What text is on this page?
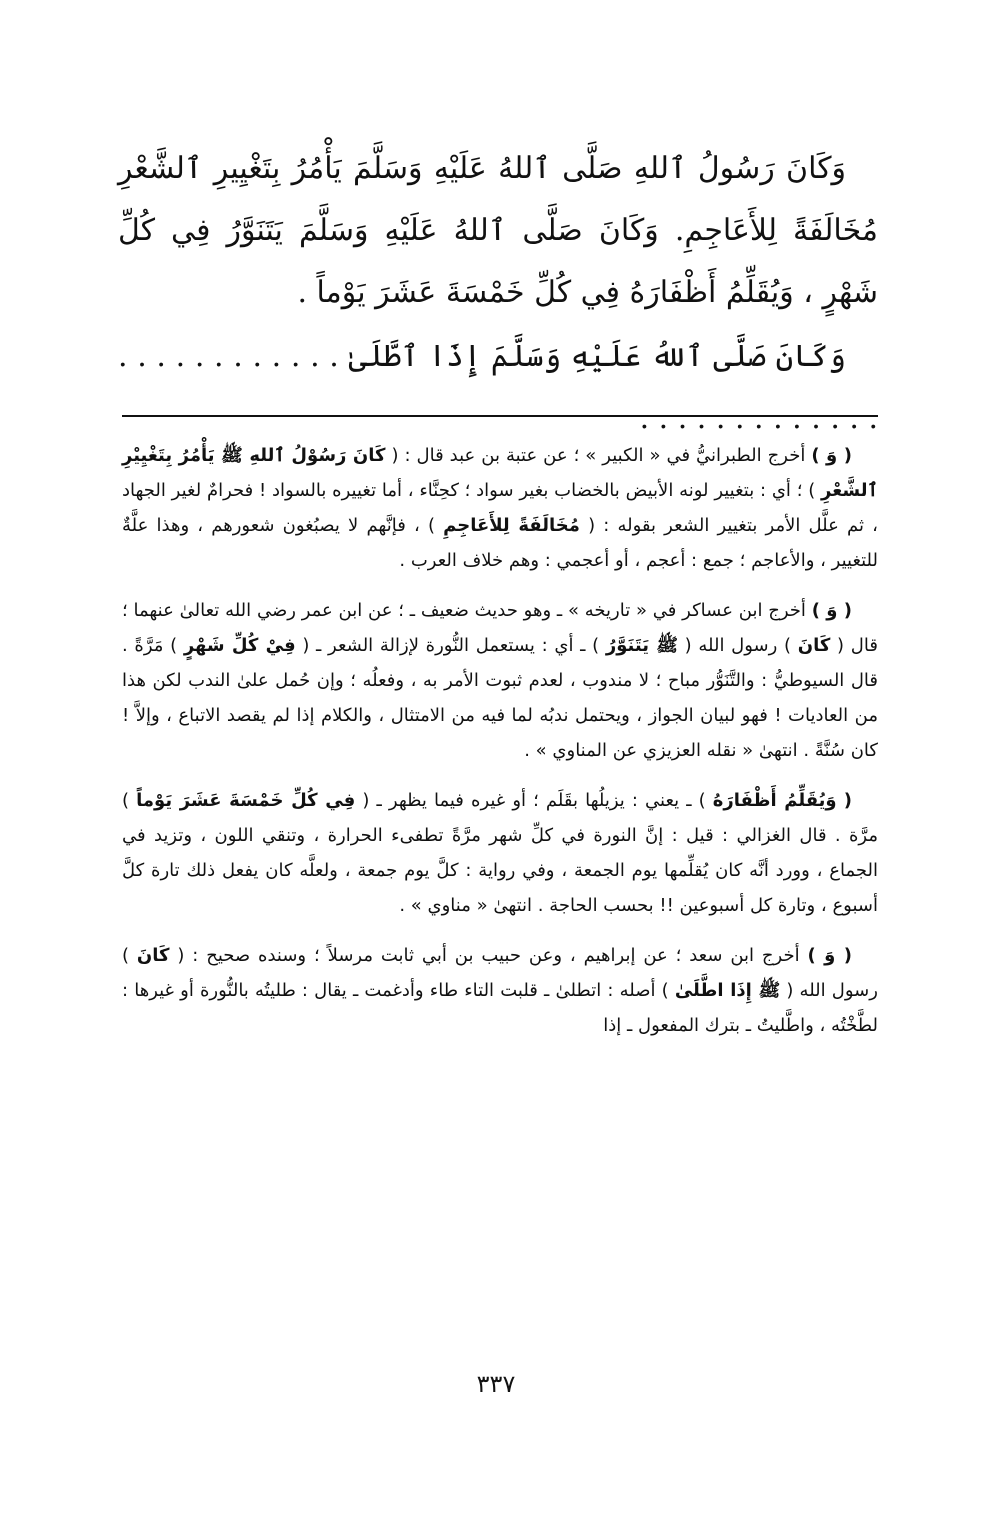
وَكَانَ رَسُولُ ٱللهِ صَلَّى ٱللهُ عَلَيْهِ وَسَلَّمَ يَأْمُرُ بِتَغْيِيرِ ٱلشَّعْرِ مُخَالَفَةً لِلأَعَاجِمِ. وَكَانَ صَلَّى ٱللهُ عَلَيْهِ وَسَلَّمَ يَتَنَوَّرُ فِي كُلِّ شَهْرٍ ، وَيُقَلِّمُ أَظْفَارَهُ فِي كُلِّ خَمْسَةَ عَشَرَ يَوْماً .

وَكَانَ صَلَّى ٱللهُ عَلَيْهِ وَسَلَّمَ إِذَا ٱطَّلَىٰ . . . . . . . . . . . . . . . . . . . . . . . . .

( وَ ) أخرج الطبرانيُّ في « الكبير » ؛ عن عتبة بن عبد قال : ( كَانَ رَسُوْلُ ٱللهِ ﷺ يَأْمُرُ بِتَغْيِيْرِ ٱلشَّعْرِ ) ؛ أي : بتغيير لونه الأبيض بالخضاب بغير سواد ؛ كحِنَّاء ، أما تغييره بالسواد ! فحرامٌ لغير الجهاد ، ثم علَّل الأمر بتغيير الشعر بقوله : ( مُخَالَفَةً لِلأَعَاجِمِ ) ، فإنَّهم لا يصبُغون شعورهم ، وهذا علَّةٌ للتغيير ، والأعاجم ؛ جمع : أعجم ، أو أعجمي : وهم خلاف العرب .

( وَ ) أخرج ابن عساكر في « تاريخه » ـ وهو حديث ضعيف ـ ؛ عن ابن عمر رضي الله تعالىٰ عنهما ؛ قال ( كَانَ ) رسول الله ( ﷺ يَتَنَوَّرُ ) ـ أي : يستعمل النُّورة لإزالة الشعر ـ ( فِيْ كُلِّ شَهْرٍ ) مَرَّةً . قال السيوطيُّ : والتَّنَوُّر مباح ؛ لا مندوب ، لعدم ثبوت الأمر به ، وفعلُه ؛ وإن حُمل علىٰ الندب لكن هذا من العاديات ! فهو لبيان الجواز ، ويحتمل ندبُه لما فيه من الامتثال ، والكلام إذا لم يقصد الاتباع ، وإلاَّ ! كان سُنَّةً . انتهىٰ « نقله العزيزي عن المناوي » .

( وَيُقَلِّمُ أَظْفَارَهُ ) ـ يعني : يزيلُها بقَلَم ؛ أو غيره فيما يظهر ـ ( فِي كُلِّ خَمْسَةَ عَشَرَ يَوْماً ) مرَّة . قال الغزالي : قيل : إنَّ النورة في كلِّ شهر مرَّةً تطفىء الحرارة ، وتنقي اللون ، وتزيد في الجماع ، وورد أنَّه كان يُقلِّمها يوم الجمعة ، وفي رواية : كلَّ يوم جمعة ، ولعلَّه كان يفعل ذلك تارة كلَّ أسبوع ، وتارة كل أسبوعين !! بحسب الحاجة . انتهىٰ « مناوي » .

( وَ ) أخرج ابن سعد ؛ عن إبراهيم ، وعن حبيب بن أبي ثابت مرسلاً ؛ وسنده صحيح : ( كَانَ ) رسول الله ( ﷺ إِذَا اطَّلَىٰ ) أصله : اتطلىٰ ـ قلبت التاء طاء وأدغمت ـ يقال : طليتُه بالنُّورة أو غيرها : لطَّخْتُه ، واطَّليتُ ـ بترك المفعول ـ إذا

٣٣٧
